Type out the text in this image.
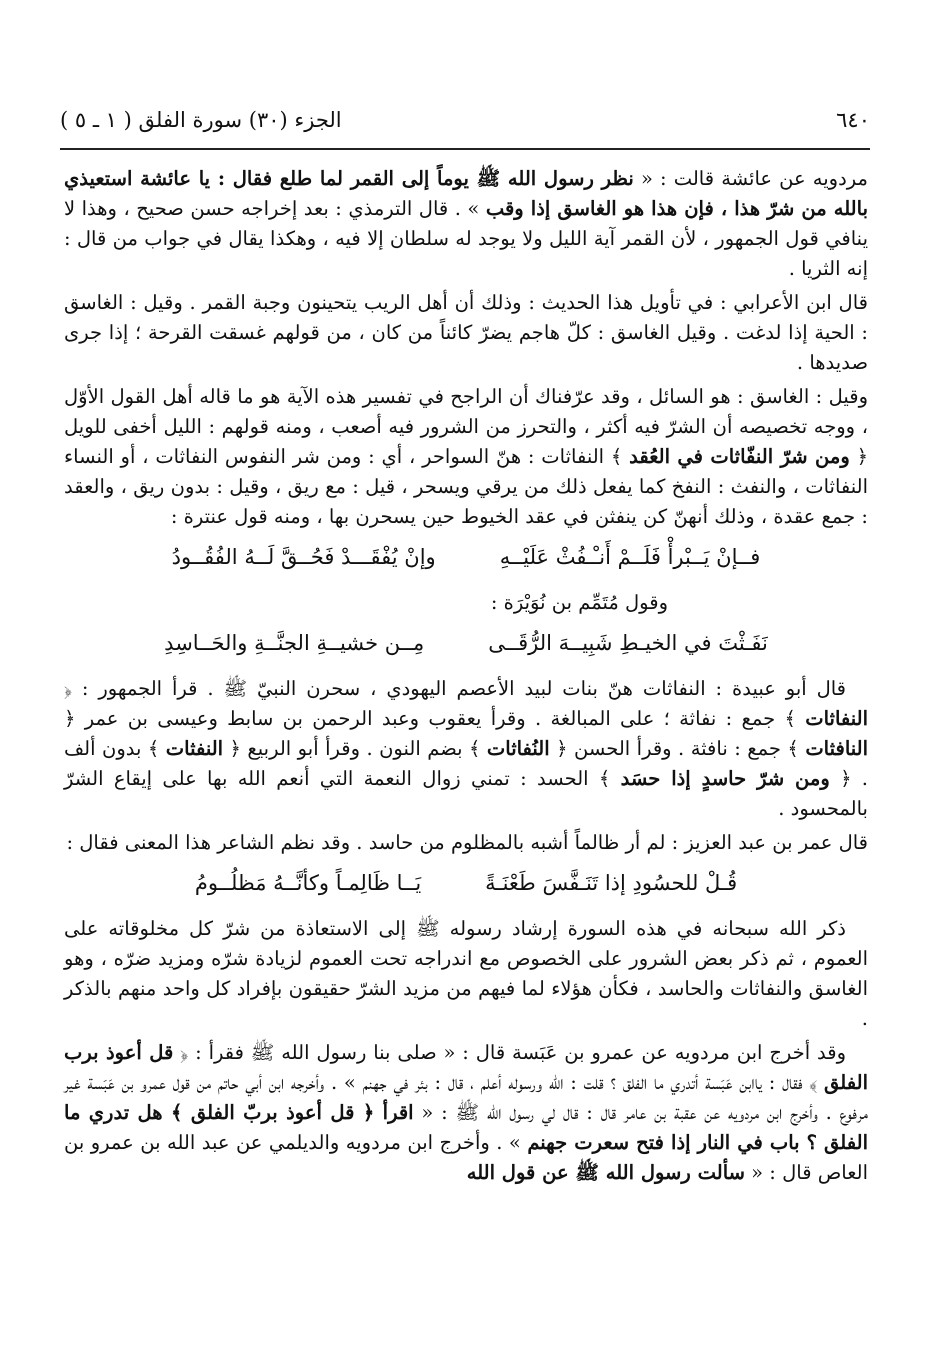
٦٤٠
الجزء (٣٠) سورة الفلق ( ١ ـ ٥ )

مردويه عن عائشة قالت : « نظر رسول الله ﷺ يوماً إلى القمر لما طلع فقال : يا عائشة استعيذي بالله من شرّ هذا ، فإن هذا هو الغاسق إذا وقب » . قال الترمذي : بعد إخراجه حسن صحيح ، وهذا لا ينافي قول الجمهور ، لأن القمر آية الليل ولا يوجد له سلطان إلا فيه ، وهكذا يقال في جواب من قال : إنه الثريا .

قال ابن الأعرابي : في تأويل هذا الحديث : وذلك أن أهل الريب يتحينون وجبة القمر . وقيل : الغاسق : الحية إذا لدغت . وقيل الغاسق : كلّ هاجم يضرّ كائناً من كان ، من قولهم غسقت القرحة ؛ إذا جرى صديدها .

وقيل : الغاسق : هو السائل ، وقد عرّفناك أن الراجح في تفسير هذه الآية هو ما قاله أهل القول الأوّل ، ووجه تخصيصه أن الشرّ فيه أكثر ، والتحرز من الشرور فيه أصعب ، ومنه قولهم : الليل أخفى للويل ﴿ ومن شرّ النفّاثات في العُقد ﴾ النفاثات : هنّ السواحر ، أي : ومن شر النفوس النفاثات ، أو النساء النفاثات ، والنفث : النفخ كما يفعل ذلك من يرقي ويسحر ، قيل : مع ريق ، وقيل : بدون ريق ، والعقد : جمع عقدة ، وذلك أنهنّ كن ينفثن في عقد الخيوط حين يسحرن بها ، ومنه قول عنترة :

فــإنْ يَــبْرأْ فَلَــمْ أَنـْـفُثْ عَلَيْــهِ
وإنْ يُفْقَـــدْ فَحُــقَّ لَــهُ الفُقُــودُ

وقول مُتَمِّم بن نُوَيْرَة :

نَفَـثْتَ في الخيـطِ شَبِيــهَ الرُّقَــى
مِــن خشيــةِ الجنَّــةِ والحَــاسِدِ

قال أبو عبيدة : النفاثات هنّ بنات لبيد الأعصم اليهودي ، سحرن النبيّ ﷺ . قرأ الجمهور : ﴿ النفاثات ﴾ جمع : نفاثة ؛ على المبالغة . وقرأ يعقوب وعبد الرحمن بن سابط وعيسى بن عمر ﴿ النافثات ﴾ جمع : نافثة . وقرأ الحسن ﴿ النُفاثات ﴾ بضم النون . وقرأ أبو الربيع ﴿ النفثات ﴾ بدون ألف . ﴿ ومن شرّ حاسدٍ إذا حسَد ﴾ الحسد : تمني زوال النعمة التي أنعم الله بها على إيقاع الشرّ بالمحسود .

قال عمر بن عبد العزيز : لم أر ظالماً أشبه بالمظلوم من حاسد . وقد نظم الشاعر هذا المعنى فقال :

قُـلْ للحسُودِ إذا تَنَـفَّسَ طَعْنَـةً
يَــا ظَالِمـاً وكأنَّــهُ مَظلُــومُ

ذكر الله سبحانه في هذه السورة إرشاد رسوله ﷺ إلى الاستعاذة من شرّ كل مخلوقاته على العموم ، ثم ذكر بعض الشرور على الخصوص مع اندراجه تحت العموم لزيادة شرّه ومزيد ضرّه ، وهو الغاسق والنفاثات والحاسد ، فكأن هؤلاء لما فيهم من مزيد الشرّ حقيقون بإفراد كل واحد منهم بالذكر .

وقد أخرج ابن مردويه عن عمرو بن عَبَسة قال : « صلى بنا رسول الله ﷺ فقرأ : ﴿ قل أعوذ برب الفلق ﴾ فقال : ياابن عَبَسة أتدري ما الفلق ؟ قلت : الله ورسوله أعلم ، قال : بئر في جهنم » . وأخرجه ابن أبي حاتم من قول عمرو بن عَبَسة غير مرفوع . وأخرج ابن مردويه عن عقبة بن عامر قال : قال لي رسول الله ﷺ : « اقرأ ﴿ قل أعوذ بربّ الفلق ﴾ هل تدري ما الفلق ؟ باب في النار إذا فتح سعرت جهنم » . وأخرج ابن مردويه والديلمي عن عبد الله بن عمرو بن العاص قال : « سألت رسول الله ﷺ عن قول الله
